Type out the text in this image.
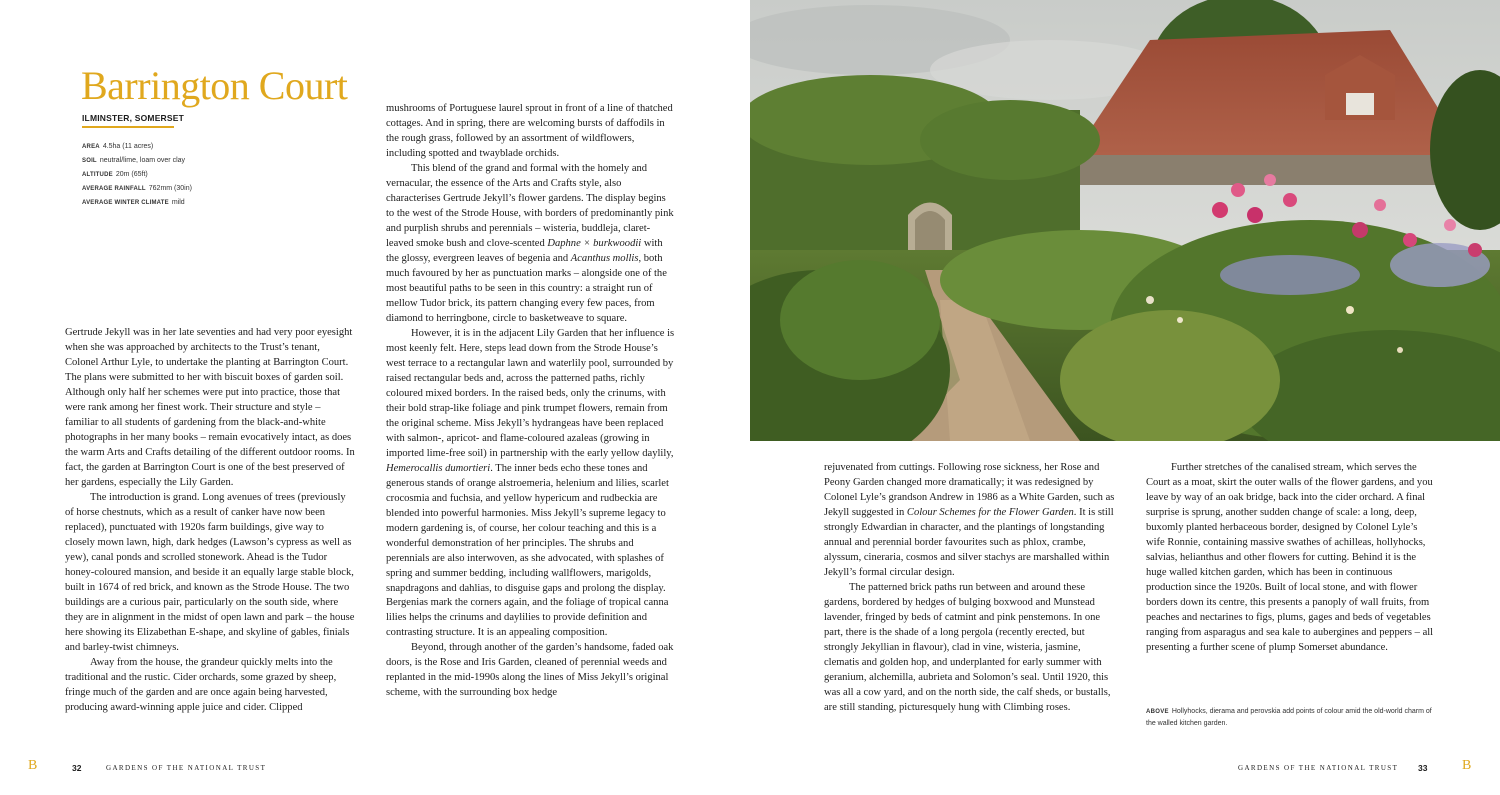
Barrington Court
ILMINSTER, SOMERSET
AREA 4.5ha (11 acres)
SOIL neutral/lime, loam over clay
ALTITUDE 20m (65ft)
AVERAGE RAINFALL 762mm (30in)
AVERAGE WINTER CLIMATE mild

Gertrude Jekyll was in her late seventies and had very poor eyesight when she was approached by architects to the Trust’s tenant, Colonel Arthur Lyle, to undertake the planting at Barrington Court. The plans were submitted to her with biscuit boxes of garden soil. Although only half her schemes were put into practice, those that were rank among her finest work. Their structure and style – familiar to all students of gardening from the black-and-white photographs in her many books – remain evocatively intact, as does the warm Arts and Crafts detailing of the different outdoor rooms. In fact, the garden at Barrington Court is one of the best preserved of her gardens, especially the Lily Garden.

The introduction is grand. Long avenues of trees (previously of horse chestnuts, which as a result of canker have now been replaced), punctuated with 1920s farm buildings, give way to closely mown lawn, high, dark hedges (Lawson’s cypress as well as yew), canal ponds and scrolled stonework. Ahead is the Tudor honey-coloured mansion, and beside it an equally large stable block, built in 1674 of red brick, and known as the Strode House. The two buildings are a curious pair, particularly on the south side, where they are in alignment in the midst of open lawn and park – the house here showing its Elizabethan E-shape, and skyline of gables, finials and barley-twist chimneys.

Away from the house, the grandeur quickly melts into the traditional and the rustic. Cider orchards, some grazed by sheep, fringe much of the garden and are once again being harvested, producing award-winning apple juice and cider. Clipped

mushrooms of Portuguese laurel sprout in front of a line of thatched cottages. And in spring, there are welcoming bursts of daffodils in the rough grass, followed by an assortment of wildflowers, including spotted and twayblade orchids.

This blend of the grand and formal with the homely and vernacular, the essence of the Arts and Crafts style, also characterises Gertrude Jekyll’s flower gardens. The display begins to the west of the Strode House, with borders of predominantly pink and purplish shrubs and perennials – wisteria, buddleja, claret-leaved smoke bush and clove-scented Daphne × burkwoodii with the glossy, evergreen leaves of begenia and Acanthus mollis, both much favoured by her as punctuation marks – alongside one of the most beautiful paths to be seen in this country: a straight run of mellow Tudor brick, its pattern changing every few paces, from diamond to herringbone, circle to basketweave to square.

However, it is in the adjacent Lily Garden that her influence is most keenly felt. Here, steps lead down from the Strode House’s west terrace to a rectangular lawn and waterlily pool, surrounded by raised rectangular beds and, across the patterned paths, richly coloured mixed borders. In the raised beds, only the crinums, with their bold strap-like foliage and pink trumpet flowers, remain from the original scheme. Miss Jekyll’s hydrangeas have been replaced with salmon-, apricot- and flame-coloured azaleas (growing in imported lime-free soil) in partnership with the early yellow daylily, Hemerocallis dumortieri. The inner beds echo these tones and generous stands of orange alstroemeria, helenium and lilies, scarlet crocosmia and fuchsia, and yellow hypericum and rudbeckia are blended into powerful harmonies. Miss Jekyll’s supreme legacy to modern gardening is, of course, her colour teaching and this is a wonderful demonstration of her principles. The shrubs and perennials are also interwoven, as she advocated, with splashes of spring and summer bedding, including wallflowers, marigolds, snapdragons and dahlias, to disguise gaps and prolong the display. Bergenias mark the corners again, and the foliage of tropical canna lilies helps the crinums and daylilies to provide definition and contrasting structure. It is an appealing composition.

Beyond, through another of the garden’s handsome, faded oak doors, is the Rose and Iris Garden, cleaned of perennial weeds and replanted in the mid-1990s along the lines of Miss Jekyll’s original scheme, with the surrounding box hedge

rejuvenated from cuttings. Following rose sickness, her Rose and Peony Garden changed more dramatically; it was redesigned by Colonel Lyle’s grandson Andrew in 1986 as a White Garden, such as Jekyll suggested in Colour Schemes for the Flower Garden. It is still strongly Edwardian in character, and the plantings of longstanding annual and perennial border favourites such as phlox, crambe, alyssum, cineraria, cosmos and silver stachys are marshalled within Jekyll’s formal circular design.

The patterned brick paths run between and around these gardens, bordered by hedges of bulging boxwood and Munstead lavender, fringed by beds of catmint and pink penstemons. In one part, there is the shade of a long pergola (recently erected, but strongly Jekyllian in flavour), clad in vine, wisteria, jasmine, clematis and golden hop, and underplanted for early summer with geranium, alchemilla, aubrieta and Solomon’s seal. Until 1920, this was all a cow yard, and on the north side, the calf sheds, or bustalls, are still standing, picturesquely hung with Climbing roses.

Further stretches of the canalised stream, which serves the Court as a moat, skirt the outer walls of the flower gardens, and you leave by way of an oak bridge, back into the cider orchard. A final surprise is sprung, another sudden change of scale: a long, deep, buxomly planted herbaceous border, designed by Colonel Lyle’s wife Ronnie, containing massive swathes of achilleas, hollyhocks, salvias, helianthus and other flowers for cutting. Behind it is the huge walled kitchen garden, which has been in continuous production since the 1920s. Built of local stone, and with flower borders down its centre, this presents a panoply of wall fruits, from peaches and nectarines to figs, plums, gages and beds of vegetables ranging from asparagus and sea kale to aubergines and peppers – all presenting a further scene of plump Somerset abundance.

ABOVE Hollyhocks, dierama and perovskia add points of colour amid the old-world charm of the walled kitchen garden.
B	32	GARDENS OF THE NATIONAL TRUST	GARDENS OF THE NATIONAL TRUST 33 B
